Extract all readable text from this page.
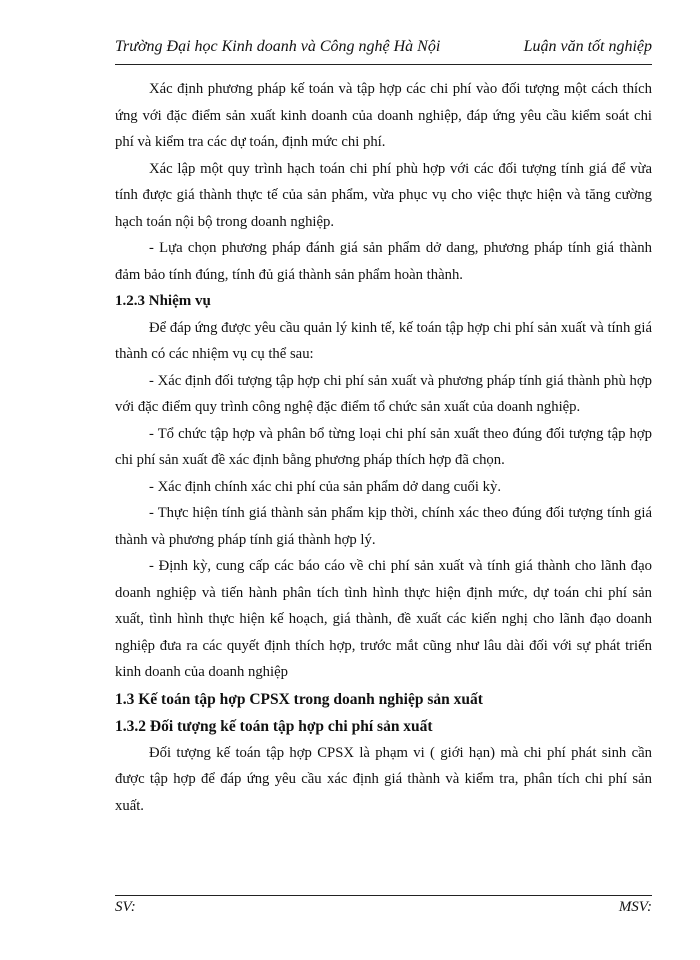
Trường Đại học Kinh doanh và Công nghệ Hà Nội	Luận văn tốt nghiệp

Xác định phương pháp kế toán và tập hợp các chi phí vào đối tượng một cách thích ứng với đặc điểm sản xuất kinh doanh của doanh nghiệp, đáp ứng yêu cầu kiểm soát chi phí và kiểm tra các dự toán, định mức chi phí.

Xác lập một quy trình hạch toán chi phí phù hợp với các đối tượng tính giá để vừa tính được giá thành thực tế của sản phẩm, vừa phục vụ cho việc thực hiện và tăng cường hạch toán nội bộ trong doanh nghiệp.

- Lựa chọn phương pháp đánh giá sản phẩm dở dang, phương pháp tính giá thành đảm bảo tính đúng, tính đủ giá thành sản phẩm hoàn thành.

1.2.3 Nhiệm vụ

Để đáp ứng được yêu cầu quản lý kinh tế, kế toán tập hợp chi phí sản xuất và tính giá thành có các nhiệm vụ cụ thể sau:

- Xác định đối tượng tập hợp chi phí sản xuất và phương pháp tính giá thành phù hợp với đặc điểm quy trình công nghệ đặc điểm tổ chức sản xuất của doanh nghiệp.

- Tổ chức tập hợp và phân bổ từng loại chi phí sản xuất theo đúng đối tượng tập hợp chi phí sản xuất đề xác định bằng phương pháp thích hợp đã chọn.

- Xác định chính xác chi phí của sản phẩm dở dang cuối kỳ.

- Thực hiện tính giá thành sản phẩm kịp thời, chính xác theo đúng đối tượng tính giá thành và phương pháp tính giá thành hợp lý.

- Định kỳ, cung cấp các báo cáo về chi phí sản xuất và tính giá thành cho lãnh đạo doanh nghiệp và tiến hành phân tích tình hình thực hiện định mức, dự toán chi phí sản xuất, tình hình thực hiện kế hoạch, giá thành, đề xuất các kiến nghị cho lãnh đạo doanh nghiệp đưa ra các quyết định thích hợp, trước mắt cũng như lâu dài đối với sự phát triển kinh doanh của doanh nghiệp

1.3 Kế toán tập hợp CPSX trong doanh nghiệp sản xuất

1.3.2 Đối tượng kế toán tập hợp chi phí sản xuất

Đối tượng kế toán tập hợp CPSX là phạm vi ( giới hạn) mà chi phí phát sinh cần được tập hợp để đáp ứng yêu cầu xác định giá thành và kiểm tra, phân tích chi phí sản xuất.

SV:	MSV:
